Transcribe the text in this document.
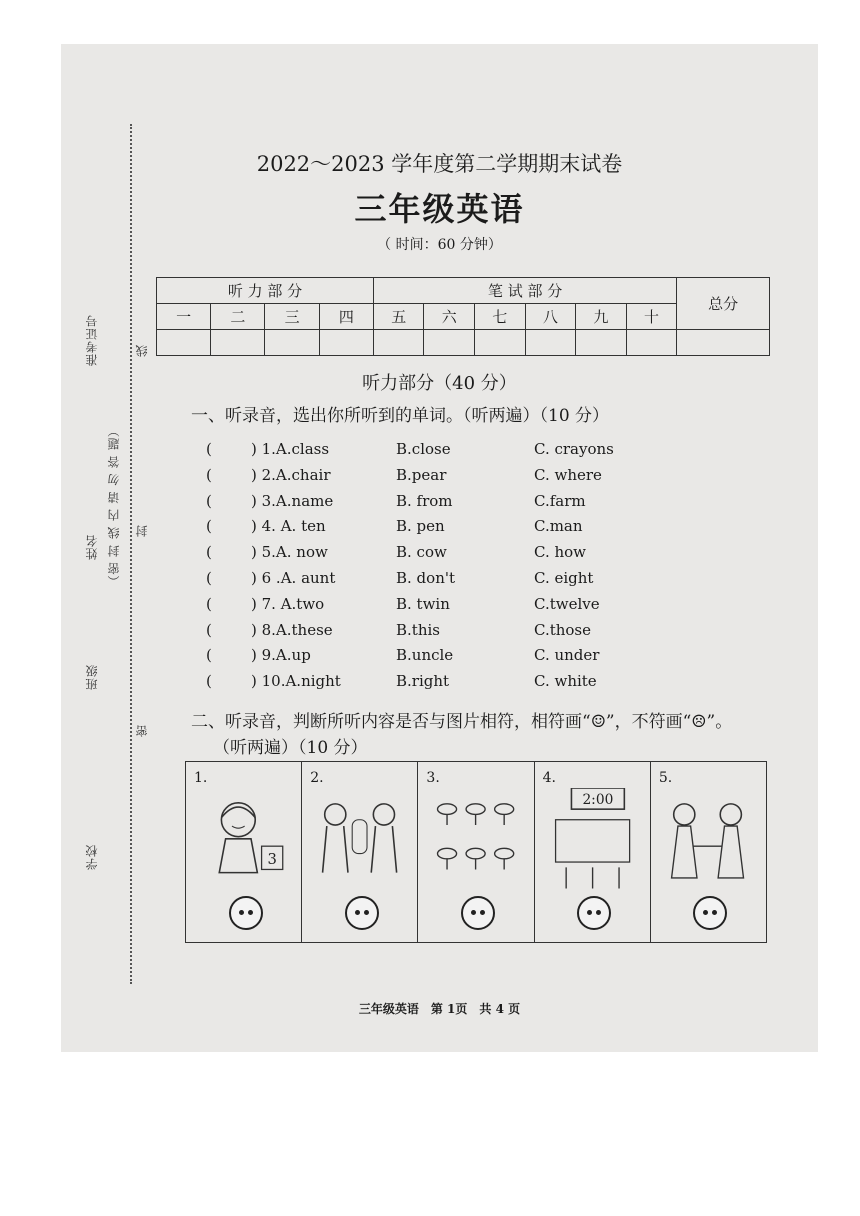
准考证号
姓名
班级
学校
（密 封 线 内 请 勿 答 题）
线
封
密
2022～2023 学年度第二学期期末试卷
三年级英语
（ 时间：60 分钟）
听 力 部 分				笔 试 部 分						总分
一	二	三	四	五	六	七	八	九	十	

听力部分（40 分）
一、听录音，选出你所听到的单词。（听两遍）（10 分）
(	) 1.A.class	B.close	C. crayons
(	) 2.A.chair	B.pear	C. where
(	) 3.A.name	B. from	C.farm
(	) 4. A. ten	B. pen	C.man
(	) 5.A. now	B. cow	C. how
(	) 6 .A. aunt	B. don't	C. eight
(	) 7. A.two	B. twin	C.twelve
(	) 8.A.these	B.this	C.those
(	) 9.A.up	B.uncle	C. under
(	) 10.A.night	B.right	C. white
二、听录音，判断所听内容是否与图片相符，相符画“☺”，不符画“☹”。
（听两遍）（10 分）
1.
3
2.	3.	4.
2:00
5.
三年级英语　第 1页　共 4 页
